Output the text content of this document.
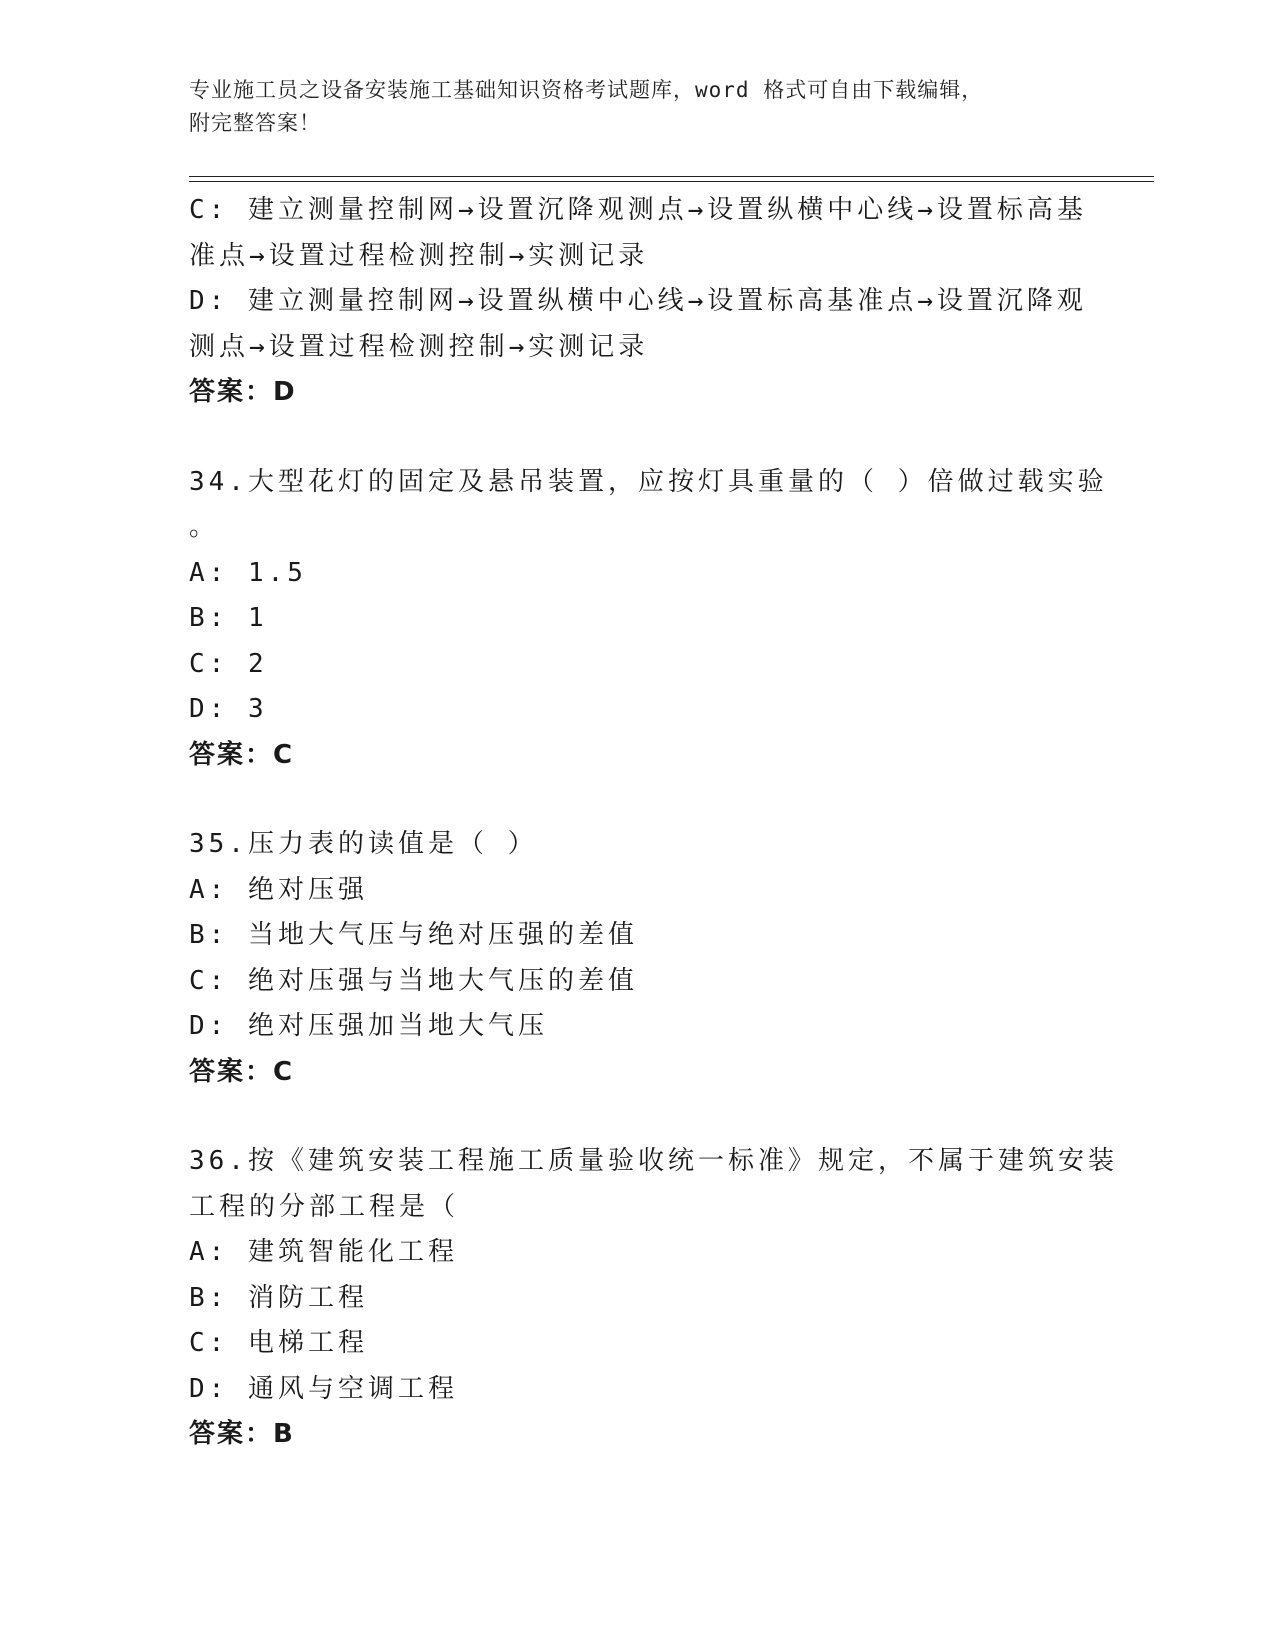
专业施工员之设备安装施工基础知识资格考试题库，word 格式可自由下载编辑，
附完整答案！
C: 建立测量控制网→设置沉降观测点→设置纵横中心线→设置标高基
准点→设置过程检测控制→实测记录
D: 建立测量控制网→设置纵横中心线→设置标高基准点→设置沉降观
测点→设置过程检测控制→实测记录
答案：D
34.大型花灯的固定及悬吊装置，应按灯具重量的（ ）倍做过载实验
。
A: 1.5
B: 1
C: 2
D: 3
答案：C
35.压力表的读值是（ ）
A: 绝对压强
B: 当地大气压与绝对压强的差值
C: 绝对压强与当地大气压的差值
D: 绝对压强加当地大气压
答案：C
36.按《建筑安装工程施工质量验收统一标准》规定，不属于建筑安装
工程的分部工程是（
A: 建筑智能化工程
B: 消防工程
C: 电梯工程
D: 通风与空调工程
答案：B
